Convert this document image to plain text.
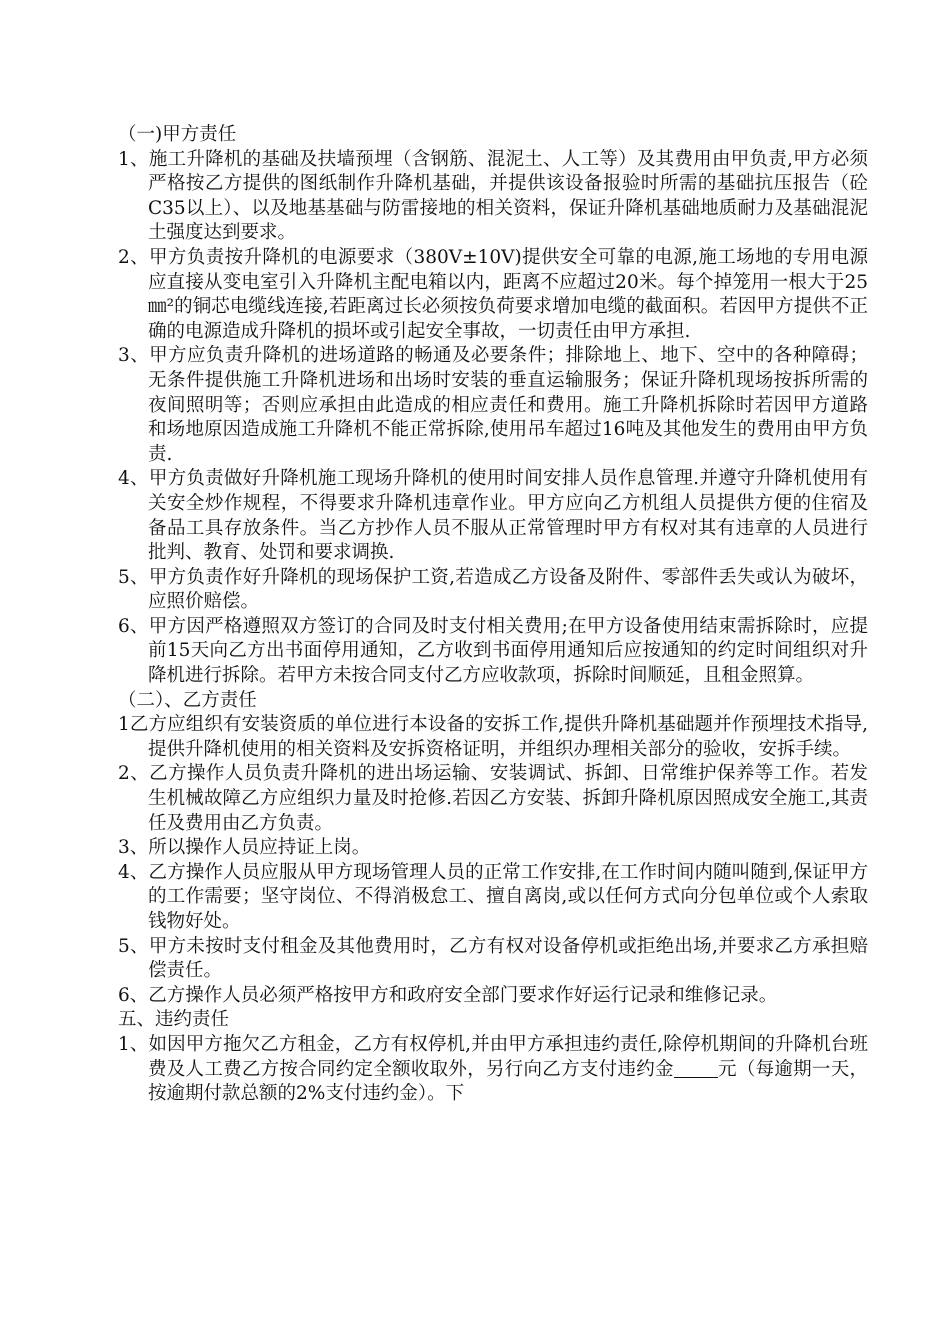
（一)甲方责任

1、施工升降机的基础及扶墙预埋（含钢筋、混泥土、人工等）及其费用由甲负责,甲方必须严格按乙方提供的图纸制作升降机基础，并提供该设备报验时所需的基础抗压报告（砼C35以上）、以及地基基础与防雷接地的相关资料，保证升降机基础地质耐力及基础混泥土强度达到要求。

2、甲方负责按升降机的电源要求（380V±10V)提供安全可靠的电源,施工场地的专用电源应直接从变电室引入升降机主配电箱以内，距离不应超过20米。每个掉笼用一根大于25㎜²的铜芯电缆线连接,若距离过长必须按负荷要求增加电缆的截面积。若因甲方提供不正确的电源造成升降机的损坏或引起安全事故，一切责任由甲方承担.

3、甲方应负责升降机的进场道路的畅通及必要条件；排除地上、地下、空中的各种障碍；无条件提供施工升降机进场和出场时安装的垂直运输服务；保证升降机现场按拆所需的夜间照明等；否则应承担由此造成的相应责任和费用。施工升降机拆除时若因甲方道路和场地原因造成施工升降机不能正常拆除,使用吊车超过16吨及其他发生的费用由甲方负责.

4、甲方负责做好升降机施工现场升降机的使用时间安排人员作息管理.并遵守升降机使用有关安全炒作规程，不得要求升降机违章作业。甲方应向乙方机组人员提供方便的住宿及备品工具存放条件。当乙方抄作人员不服从正常管理时甲方有权对其有违章的人员进行批判、教育、处罚和要求调换.

5、甲方负责作好升降机的现场保护工资,若造成乙方设备及附件、零部件丢失或认为破坏，应照价赔偿。

6、甲方因严格遵照双方签订的合同及时支付相关费用;在甲方设备使用结束需拆除时，应提前15天向乙方出书面停用通知，乙方收到书面停用通知后应按通知的约定时间组织对升降机进行拆除。若甲方未按合同支付乙方应收款项，拆除时间顺延，且租金照算。

（二）、乙方责任

1乙方应组织有安装资质的单位进行本设备的安拆工作,提供升降机基础题并作预埋技术指导,提供升降机使用的相关资料及安拆资格证明，并组织办理相关部分的验收，安拆手续。

2、乙方操作人员负责升降机的进出场运输、安装调试、拆卸、日常维护保养等工作。若发生机械故障乙方应组织力量及时抢修.若因乙方安装、拆卸升降机原因照成安全施工,其责任及费用由乙方负责。

3、所以操作人员应持证上岗。

4、乙方操作人员应服从甲方现场管理人员的正常工作安排,在工作时间内随叫随到,保证甲方的工作需要；坚守岗位、不得消极怠工、擅自离岗,或以任何方式向分包单位或个人索取钱物好处。

5、甲方未按时支付租金及其他费用时，乙方有权对设备停机或拒绝出场,并要求乙方承担赔偿责任。

6、乙方操作人员必须严格按甲方和政府安全部门要求作好运行记录和维修记录。

五、违约责任

1、如因甲方拖欠乙方租金，乙方有权停机,并由甲方承担违约责任,除停机期间的升降机台班费及人工费乙方按合同约定全额收取外，另行向乙方支付违约金 元（每逾期一天，按逾期付款总额的2%支付违约金）。下
